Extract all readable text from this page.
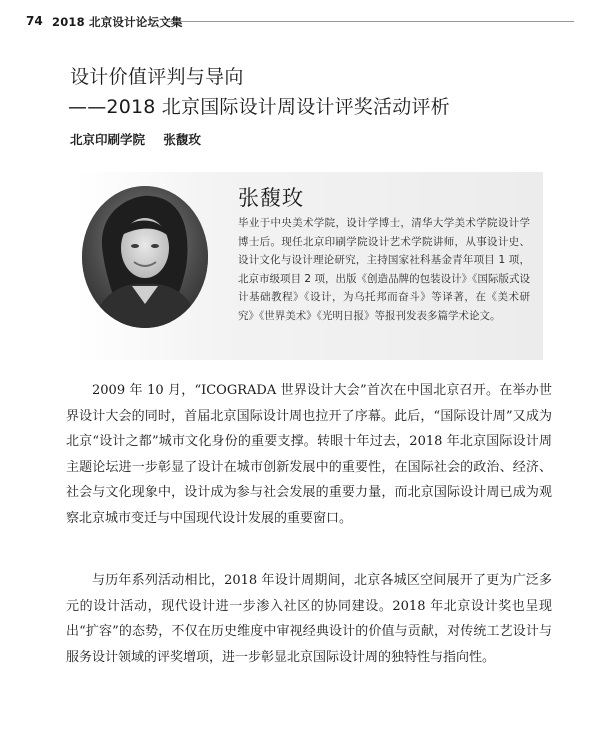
74 2018 北京设计论坛文集
设计价值评判与导向
——2018 北京国际设计周设计评奖活动评析
北京印刷学院 张馥玫
张馥玫
毕业于中央美术学院，设计学博士，清华大学美术学院设计学博士后。现任北京印刷学院设计艺术学院讲师，从事设计史、设计文化与设计理论研究，主持国家社科基金青年项目 1 项，北京市级项目 2 项，出版《创造品牌的包装设计》《国际版式设计基础教程》《设计，为乌托邦而奋斗》等译著，在《美术研究》《世界美术》《光明日报》等报刊发表多篇学术论文。
2009 年 10 月，“ICOGRADA 世界设计大会”首次在中国北京召开。在举办世界设计大会的同时，首届北京国际设计周也拉开了序幕。此后，“国际设计周”又成为北京“设计之都”城市文化身份的重要支撑。转眼十年过去，2018 年北京国际设计周主题论坛进一步彰显了设计在城市创新发展中的重要性，在国际社会的政治、经济、社会与文化现象中，设计成为参与社会发展的重要力量，而北京国际设计周已成为观察北京城市变迁与中国现代设计发展的重要窗口。
与历年系列活动相比，2018 年设计周期间，北京各城区空间展开了更为广泛多元的设计活动，现代设计进一步渗入社区的协同建设。2018 年北京设计奖也呈现出“扩容”的态势，不仅在历史维度中审视经典设计的价值与贡献，对传统工艺设计与服务设计领域的评奖增项，进一步彰显北京国际设计周的独特性与指向性。
